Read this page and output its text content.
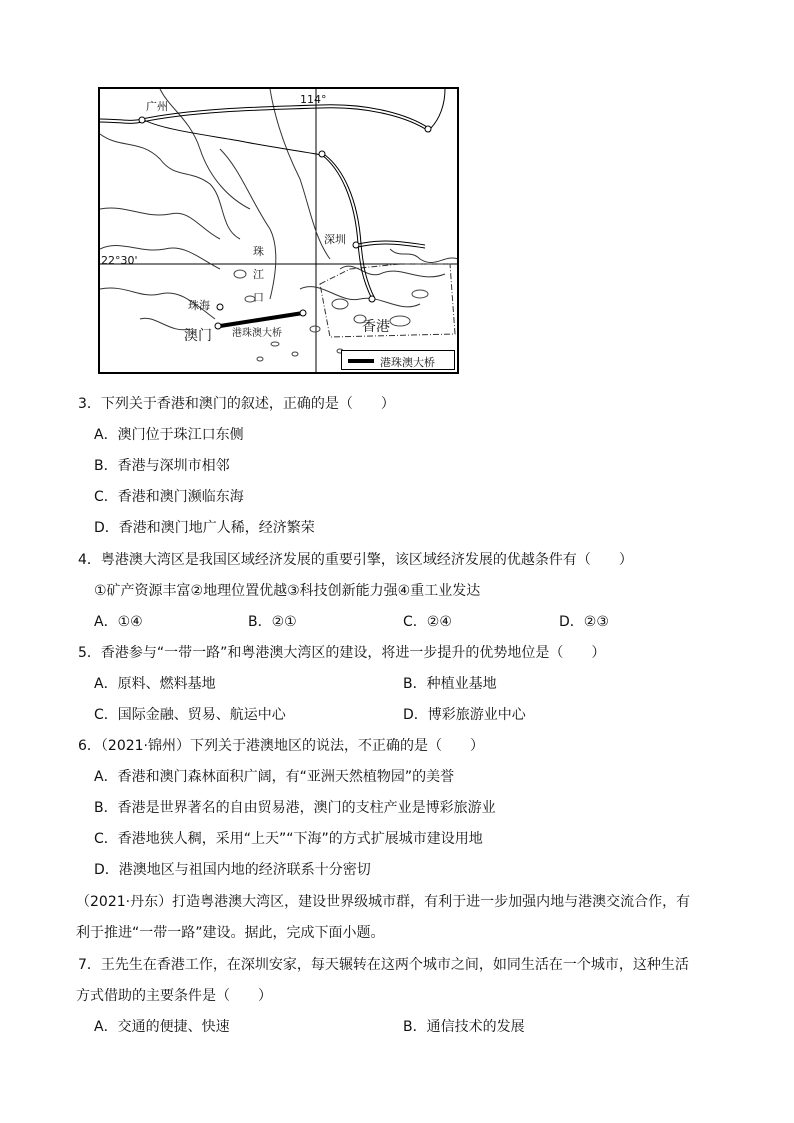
广州
114°
22°30'
深圳
珠
江
口
珠海
澳门 港珠澳大桥	香港
港珠澳大桥
3．下列关于香港和澳门的叙述，正确的是（　　）
A．澳门位于珠江口东侧
B．香港与深圳市相邻
C．香港和澳门濒临东海
D．香港和澳门地广人稀，经济繁荣
4．粤港澳大湾区是我国区域经济发展的重要引擎，该区域经济发展的优越条件有（　　）
①矿产资源丰富②地理位置优越③科技创新能力强④重工业发达
A．①④	B．②①	C．②④	D．②③
5．香港参与“一带一路”和粤港澳大湾区的建设，将进一步提升的优势地位是（　　）
A．原料、燃料基地	B．种植业基地
C．国际金融、贸易、航运中心	D．博彩旅游业中心
6．（2021·锦州）下列关于港澳地区的说法，不正确的是（　　）
A．香港和澳门森林面积广阔，有“亚洲天然植物园”的美誉
B．香港是世界著名的自由贸易港，澳门的支柱产业是博彩旅游业
C．香港地狭人稠，采用“上天”“下海”的方式扩展城市建设用地
D．港澳地区与祖国内地的经济联系十分密切
（2021·丹东）打造粤港澳大湾区，建设世界级城市群，有利于进一步加强内地与港澳交流合作，有
利于推进“一带一路”建设。据此，完成下面小题。
7．王先生在香港工作，在深圳安家，每天辗转在这两个城市之间，如同生活在一个城市，这种生活
方式借助的主要条件是（　　）
A．交通的便捷、快速	B．通信技术的发展
